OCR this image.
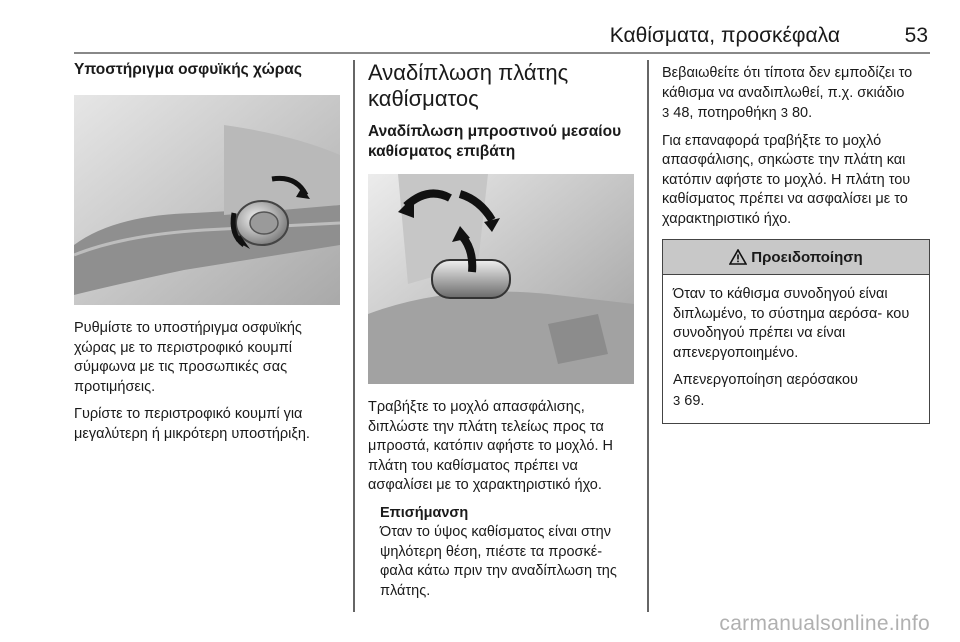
Καθίσματα, προσκέφαλα	53
Υποστήριγμα οσφυϊκής χώρας

Ρυθμίστε το υποστήριγμα οσφυϊκής χώρας με το περιστροφικό κουμπί σύμφωνα με τις προσωπικές σας προτιμήσεις.

Γυρίστε το περιστροφικό κουμπί για μεγαλύτερη ή μικρότερη υποστήριξη.

Αναδίπλωση πλάτης
καθίσματος
Αναδίπλωση μπροστινού μεσαίου
καθίσματος επιβάτη

Τραβήξτε το μοχλό απασφάλισης, διπλώστε την πλάτη τελείως προς τα μπροστά, κατόπιν αφήστε το μοχλό. Η πλάτη του καθίσματος πρέπει να ασφαλίσει με το χαρακτηριστικό ήχο.

Επισήμανση

Όταν το ύψος καθίσματος είναι στην ψηλότερη θέση, πιέστε τα προσκέ- φαλα κάτω πριν την αναδίπλωση της πλάτης.

Βεβαιωθείτε ότι τίποτα δεν εμποδίζει το κάθισμα να αναδιπλωθεί, π.χ. σκιάδιο 3 48, ποτηροθήκη 3 80.

Για επαναφορά τραβήξτε το μοχλό απασφάλισης, σηκώστε την πλάτη και κατόπιν αφήστε το μοχλό. Η πλάτη του καθίσματος πρέπει να ασφαλίσει με το χαρακτηριστικό ήχο.

Προειδοποίηση

Όταν το κάθισμα συνοδηγού είναι διπλωμένο, το σύστημα αερόσα- κου συνοδηγού πρέπει να είναι απενεργοποιημένο.

Απενεργοποίηση αερόσακου

3 69.

carmanualsonline.info
